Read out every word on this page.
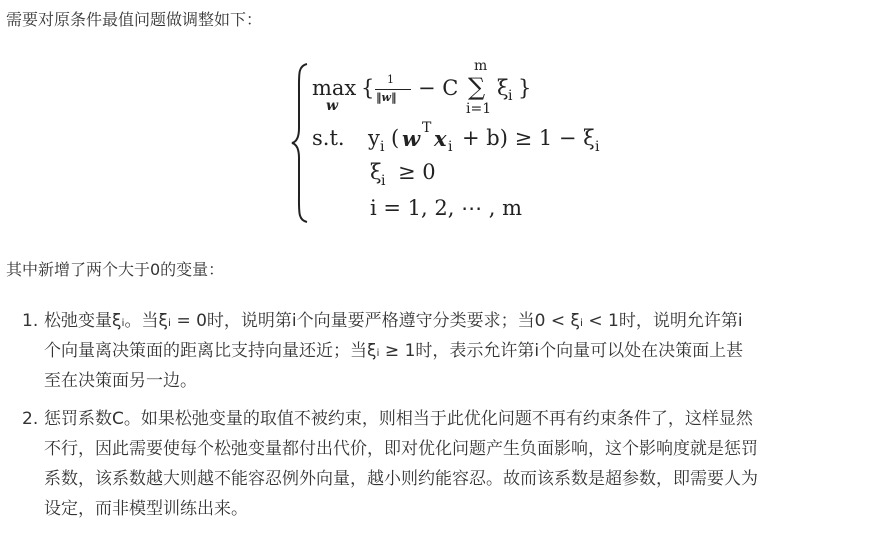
需要对原条件最值问题做调整如下：
max
w
{ 1
‖w‖ − C
m
∑
i=1
ξ i }
s.t. y i ( w T x i + b) ≥ 1 − ξ i
ξ i ≥ 0
i = 1, 2, ⋯ , m
其中新增了两个大于0的变量：
1. 松弛变量ξᵢ。当ξᵢ = 0时，说明第i个向量要严格遵守分类要求；当0 < ξᵢ < 1时，说明允许第i
个向量离决策面的距离比支持向量还近；当ξᵢ ≥ 1时，表示允许第i个向量可以处在决策面上甚
至在决策面另一边。
2. 惩罚系数C。如果松弛变量的取值不被约束，则相当于此优化问题不再有约束条件了，这样显然
不行，因此需要使每个松弛变量都付出代价，即对优化问题产生负面影响，这个影响度就是惩罚
系数，该系数越大则越不能容忍例外向量，越小则约能容忍。故而该系数是超参数，即需要人为
设定，而非模型训练出来。
